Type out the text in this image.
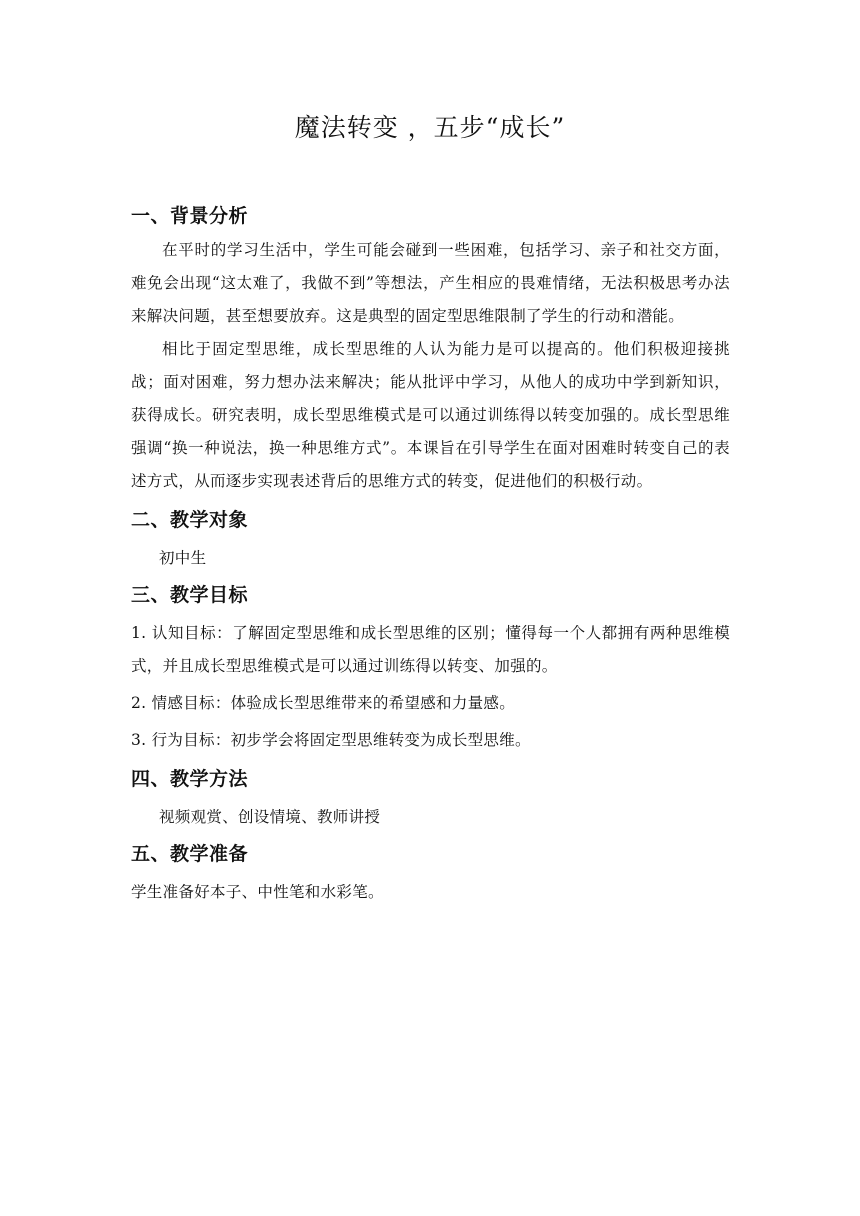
魔法转变 ，五步“成长”
一、背景分析

在平时的学习生活中，学生可能会碰到一些困难，包括学习、亲子和社交方面，难免会出现“这太难了，我做不到”等想法，产生相应的畏难情绪，无法积极思考办法来解决问题，甚至想要放弃。这是典型的固定型思维限制了学生的行动和潜能。

相比于固定型思维，成长型思维的人认为能力是可以提高的。他们积极迎接挑战；面对困难，努力想办法来解决；能从批评中学习，从他人的成功中学到新知识，获得成长。研究表明，成长型思维模式是可以通过训练得以转变加强的。成长型思维强调“换一种说法，换一种思维方式”。本课旨在引导学生在面对困难时转变自己的表述方式，从而逐步实现表述背后的思维方式的转变，促进他们的积极行动。

二、教学对象

初中生

三、教学目标
1. 认知目标：了解固定型思维和成长型思维的区别；懂得每一个人都拥有两种思维模式，并且成长型思维模式是可以通过训练得以转变、加强的。
2. 情感目标：体验成长型思维带来的希望感和力量感。
3. 行为目标：初步学会将固定型思维转变为成长型思维。
四、教学方法

视频观赏、创设情境、教师讲授

五、教学准备

学生准备好本子、中性笔和水彩笔。
